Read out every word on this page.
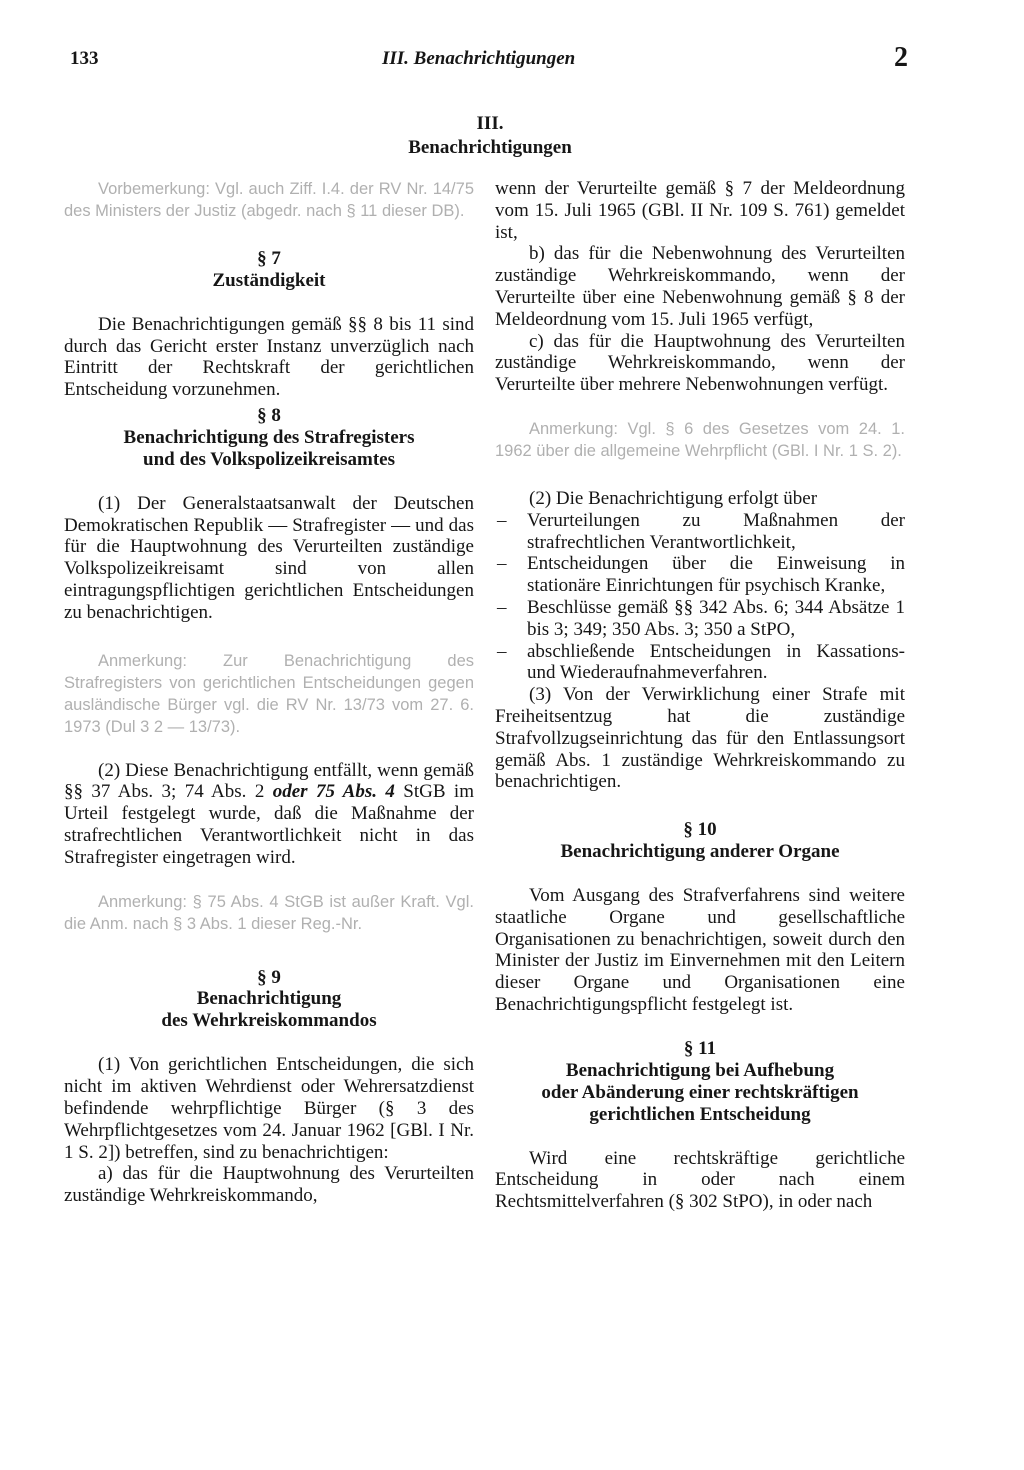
133	III. Benachrichtigungen	2
III.
Benachrichtigungen

Vorbemerkung: Vgl. auch Ziff. I.4. der RV Nr. 14/75 des Ministers der Justiz (abgedr. nach § 11 dieser DB).

§ 7

Zuständigkeit

Die Benachrichtigungen gemäß §§ 8 bis 11 sind durch das Gericht erster Instanz unverzüglich nach Eintritt der Rechtskraft der gerichtlichen Entscheidung vorzunehmen.

§ 8

Benachrichtigung des Strafregisters

und des Volkspolizeikreisamtes

(1) Der Generalstaatsanwalt der Deutschen Demokratischen Republik — Strafregister — und das für die Hauptwohnung des Verurteilten zuständige Volkspolizeikreisamt sind von allen eintragungspflichtigen gerichtlichen Entscheidungen zu benachrichtigen.

Anmerkung: Zur Benachrichtigung des Strafregisters von gerichtlichen Entscheidungen gegen ausländische Bürger vgl. die RV Nr. 13/73 vom 27. 6. 1973 (Dul 3 2 — 13/73).

(2) Diese Benachrichtigung entfällt, wenn gemäß §§ 37 Abs. 3; 74 Abs. 2 oder 75 Abs. 4 StGB im Urteil festgelegt wurde, daß die Maßnahme der strafrechtlichen Verantwortlichkeit nicht in das Strafregister eingetragen wird.

Anmerkung: § 75 Abs. 4 StGB ist außer Kraft. Vgl. die Anm. nach § 3 Abs. 1 dieser Reg.-Nr.

§ 9

Benachrichtigung

des Wehrkreiskommandos

(1) Von gerichtlichen Entscheidungen, die sich nicht im aktiven Wehrdienst oder Wehrersatzdienst befindende wehrpflichtige Bürger (§ 3 des Wehrpflichtgesetzes vom 24. Januar 1962 [GBl. I Nr. 1 S. 2]) betreffen, sind zu benachrichtigen:

a) das für die Hauptwohnung des Verurteilten zuständige Wehrkreiskommando,

wenn der Verurteilte gemäß § 7 der Meldeordnung vom 15. Juli 1965 (GBl. II Nr. 109 S. 761) gemeldet ist,

b) das für die Nebenwohnung des Verurteilten zuständige Wehrkreiskommando, wenn der Verurteilte über eine Nebenwohnung gemäß § 8 der Meldeordnung vom 15. Juli 1965 verfügt,

c) das für die Hauptwohnung des Verurteilten zuständige Wehrkreiskommando, wenn der Verurteilte über mehrere Nebenwohnungen verfügt.

Anmerkung: Vgl. § 6 des Gesetzes vom 24. 1. 1962 über die allgemeine Wehrpflicht (GBl. I Nr. 1 S. 2).

(2) Die Benachrichtigung erfolgt über

– Verurteilungen zu Maßnahmen der strafrechtlichen Verantwortlichkeit,
– Entscheidungen über die Einweisung in stationäre Einrichtungen für psychisch Kranke,
– Beschlüsse gemäß §§ 342 Abs. 6; 344 Absätze 1 bis 3; 349; 350 Abs. 3; 350 a StPO,
– abschließende Entscheidungen in Kassations- und Wiederaufnahmeverfahren.

(3) Von der Verwirklichung einer Strafe mit Freiheitsentzug hat die zuständige Strafvollzugseinrichtung das für den Entlassungsort gemäß Abs. 1 zuständige Wehrkreiskommando zu benachrichtigen.

§ 10

Benachrichtigung anderer Organe

Vom Ausgang des Strafverfahrens sind weitere staatliche Organe und gesellschaftliche Organisationen zu benachrichtigen, soweit durch den Minister der Justiz im Einvernehmen mit den Leitern dieser Organe und Organisationen eine Benachrichtigungspflicht festgelegt ist.

§ 11

Benachrichtigung bei Aufhebung

oder Abänderung einer rechtskräftigen

gerichtlichen Entscheidung

Wird eine rechtskräftige gerichtliche Entscheidung in oder nach einem Rechtsmittelverfahren (§ 302 StPO), in oder nach
